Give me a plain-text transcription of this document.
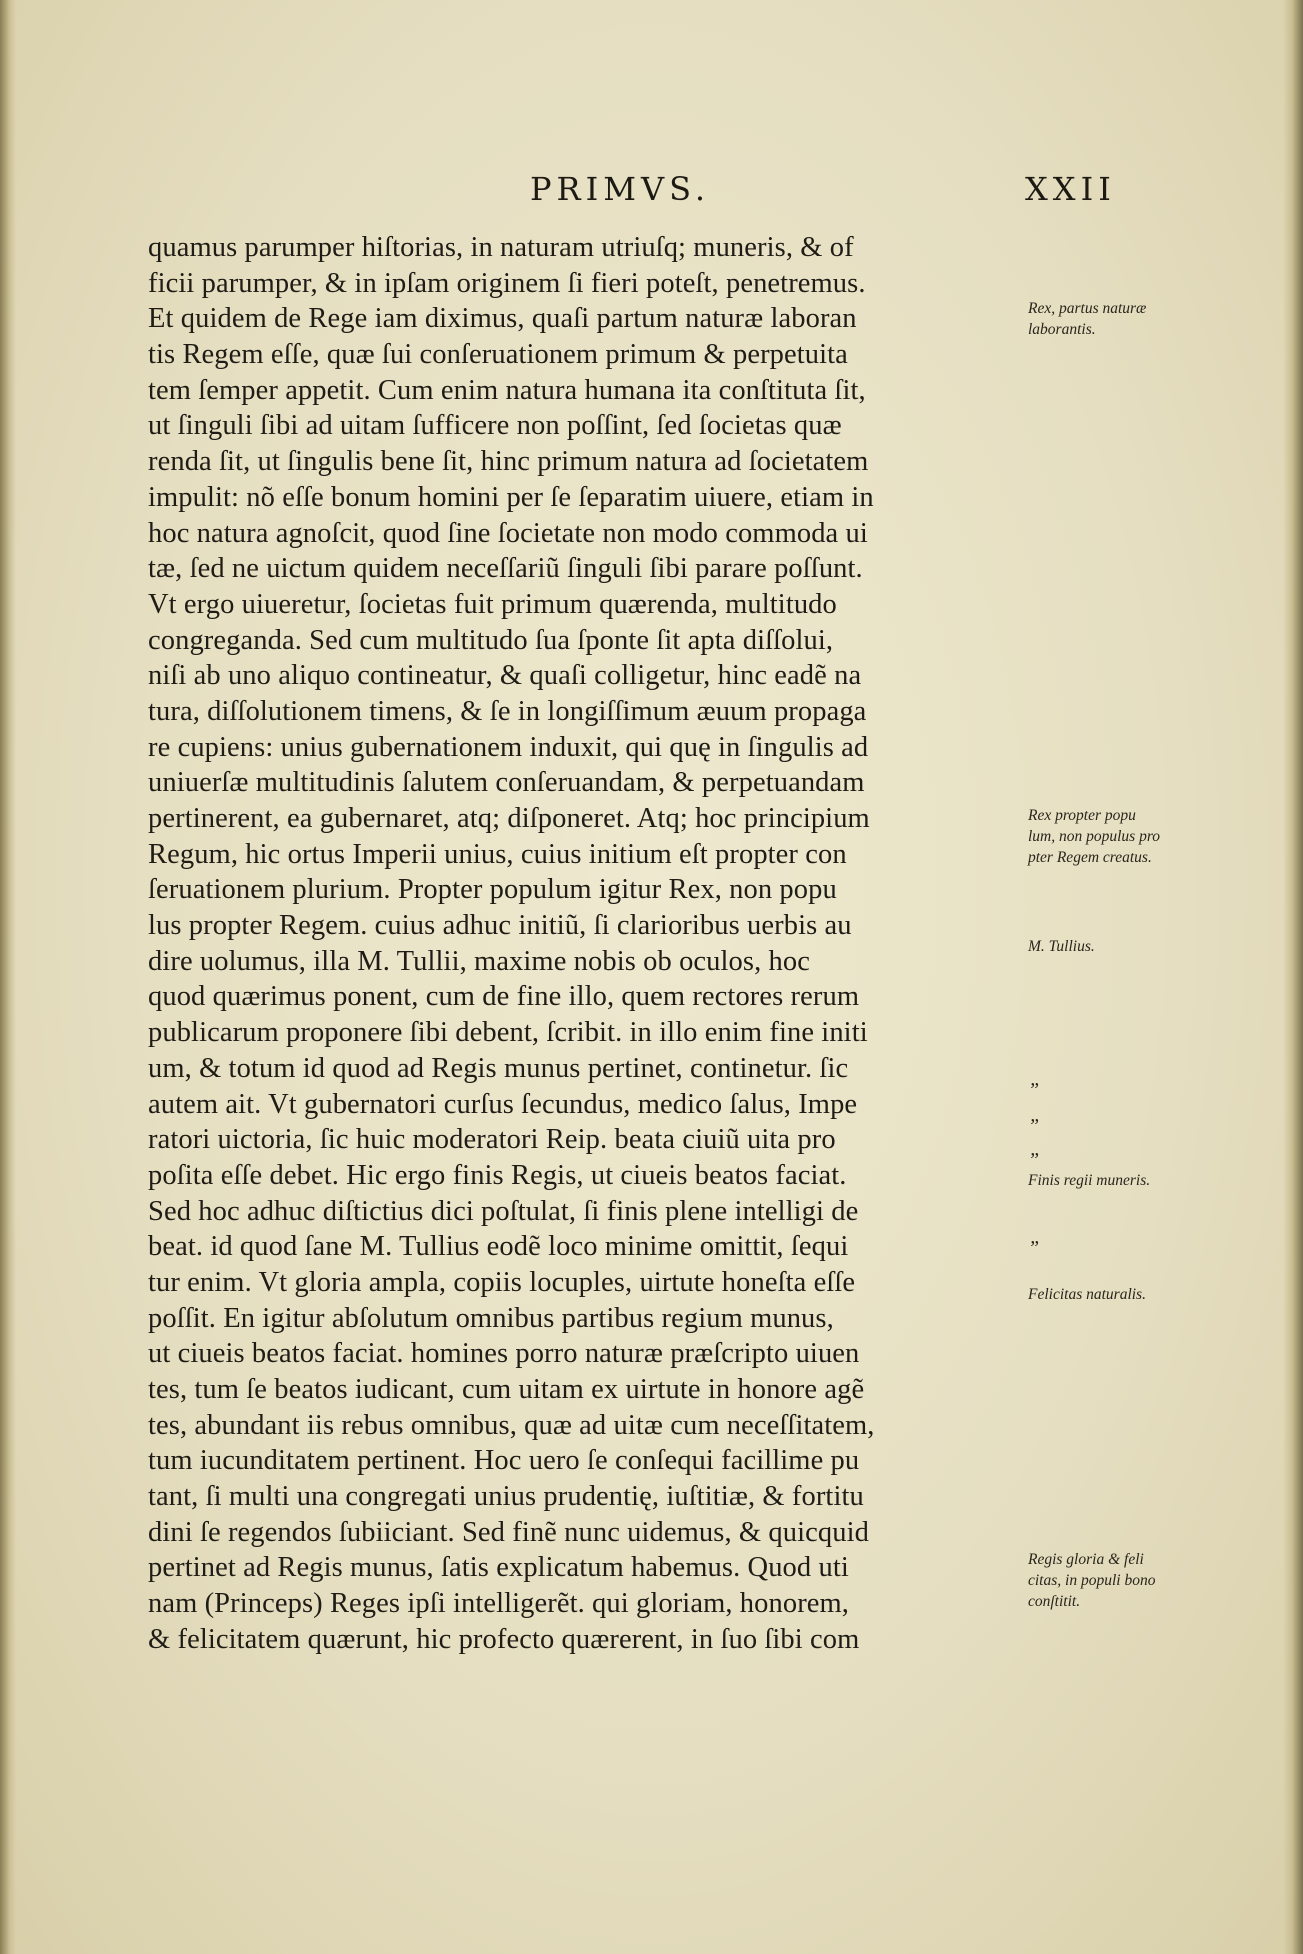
PRIMVS.	XXII
quamus parumper hiſtorias, in naturam utriuſq; muneris, & of
ficii parumper, & in ipſam originem ſi fieri poteſt, penetremus.
Et quidem de Rege iam diximus, quaſi partum naturæ laboran
tis Regem eſſe, quæ ſui conſeruationem primum & perpetuita
tem ſemper appetit. Cum enim natura humana ita conſtituta ſit,
ut ſinguli ſibi ad uitam ſufficere non poſſint, ſed ſocietas quæ
renda ſit, ut ſingulis bene ſit, hinc primum natura ad ſocietatem
impulit: nõ eſſe bonum homini per ſe ſeparatim uiuere, etiam in
hoc natura agnoſcit, quod ſine ſocietate non modo commoda ui
tæ, ſed ne uictum quidem neceſſariũ ſinguli ſibi parare poſſunt.
Vt ergo uiueretur, ſocietas fuit primum quærenda, multitudo
congreganda. Sed cum multitudo ſua ſponte ſit apta diſſolui,
niſi ab uno aliquo contineatur, & quaſi colligetur, hinc eadẽ na
tura, diſſolutionem timens, & ſe in longiſſimum æuum propaga
re cupiens: unius gubernationem induxit, qui quę in ſingulis ad
uniuerſæ multitudinis ſalutem conſeruandam, & perpetuandam
pertinerent, ea gubernaret, atq; diſponeret. Atq; hoc principium
Regum, hic ortus Imperii unius, cuius initium eſt propter con
ſeruationem plurium. Propter populum igitur Rex, non popu
lus propter Regem. cuius adhuc initiũ, ſi clarioribus uerbis au
dire uolumus, illa M. Tullii, maxime nobis ob oculos, hoc
quod quærimus ponent, cum de fine illo, quem rectores rerum
publicarum proponere ſibi debent, ſcribit. in illo enim fine initi
um, & totum id quod ad Regis munus pertinet, continetur. ſic
autem ait. Vt gubernatori curſus ſecundus, medico ſalus, Impe
ratori uictoria, ſic huic moderatori Reip. beata ciuiũ uita pro
poſita eſſe debet. Hic ergo finis Regis, ut ciueis beatos faciat.
Sed hoc adhuc diſtictius dici poſtulat, ſi finis plene intelligi de
beat. id quod ſane M. Tullius eodẽ loco minime omittit, ſequi
tur enim. Vt gloria ampla, copiis locuples, uirtute honeſta eſſe
poſſit. En igitur abſolutum omnibus partibus regium munus,
ut ciueis beatos faciat. homines porro naturæ præſcripto uiuen
tes, tum ſe beatos iudicant, cum uitam ex uirtute in honore agẽ
tes, abundant iis rebus omnibus, quæ ad uitæ cum neceſſitatem,
tum iucunditatem pertinent. Hoc uero ſe conſequi facillime pu
tant, ſi multi una congregati unius prudentię, iuſtitiæ, & fortitu
dini ſe regendos ſubiiciant. Sed finẽ nunc uidemus, & quicquid
pertinet ad Regis munus, ſatis explicatum habemus. Quod uti
nam (Princeps) Reges ipſi intelligerẽt. qui gloriam, honorem,
& felicitatem quærunt, hic profecto quærerent, in ſuo ſibi com
Rex, partus naturæ
laborantis.
Rex propter popu
lum, non populus pro
pter Regem creatus.
M. Tullius.
”
”
”
Finis regii muneris.
”
Felicitas naturalis.
Regis gloria & feli
citas, in populi bono
conſtitit.
